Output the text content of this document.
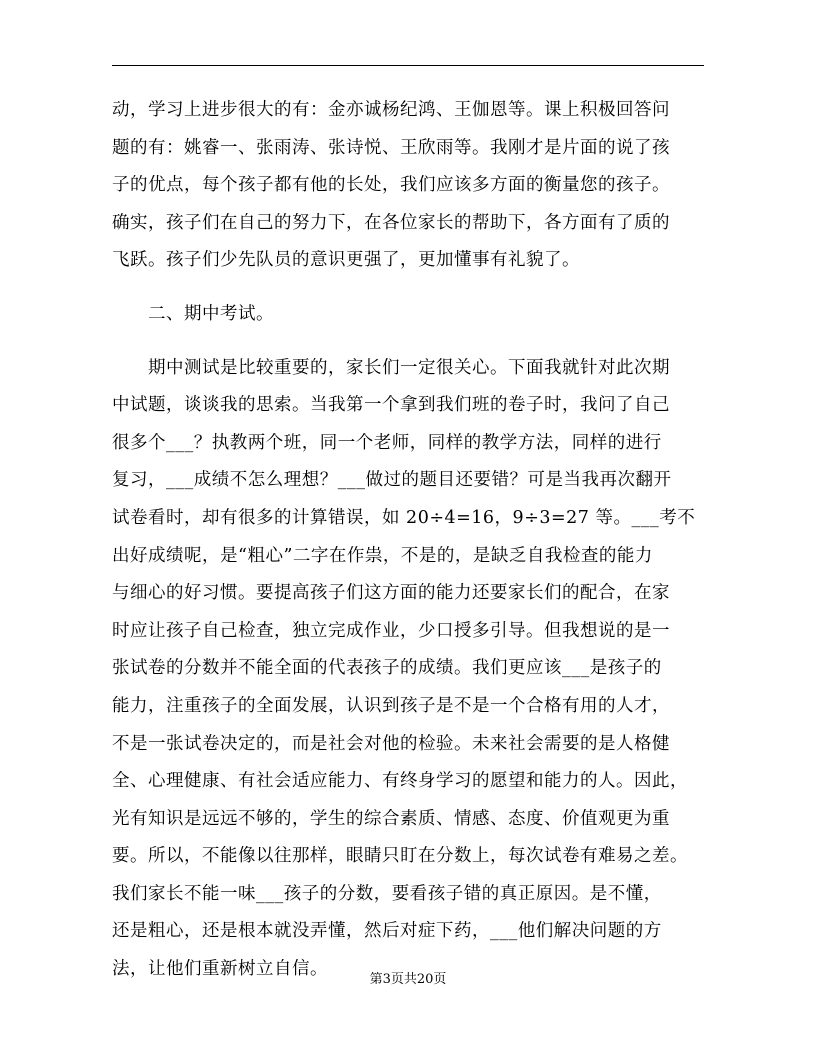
动，学习上进步很大的有：金亦诚杨纪鸿、王伽恩等。课上积极回答问
题的有：姚睿一、张雨涛、张诗悦、王欣雨等。我刚才是片面的说了孩
子的优点，每个孩子都有他的长处，我们应该多方面的衡量您的孩子。
确实，孩子们在自己的努力下，在各位家长的帮助下，各方面有了质的
飞跃。孩子们少先队员的意识更强了，更加懂事有礼貌了。
二、期中考试。
期中测试是比较重要的，家长们一定很关心。下面我就针对此次期
中试题，谈谈我的思索。当我第一个拿到我们班的卷子时，我问了自己
很多个___？执教两个班，同一个老师，同样的教学方法，同样的进行
复习，___成绩不怎么理想？___做过的题目还要错？可是当我再次翻开
试卷看时，却有很多的计算错误，如 20÷4=16，9÷3=27 等。___考不
出好成绩呢，是“粗心”二字在作祟，不是的，是缺乏自我检查的能力
与细心的好习惯。要提高孩子们这方面的能力还要家长们的配合，在家
时应让孩子自己检查，独立完成作业，少口授多引导。但我想说的是一
张试卷的分数并不能全面的代表孩子的成绩。我们更应该___是孩子的
能力，注重孩子的全面发展，认识到孩子是不是一个合格有用的人才，
不是一张试卷决定的，而是社会对他的检验。未来社会需要的是人格健
全、心理健康、有社会适应能力、有终身学习的愿望和能力的人。因此，
光有知识是远远不够的，学生的综合素质、情感、态度、价值观更为重
要。所以，不能像以往那样，眼睛只盯在分数上，每次试卷有难易之差。
我们家长不能一味___孩子的分数，要看孩子错的真正原因。是不懂，
还是粗心，还是根本就没弄懂，然后对症下药，___他们解决问题的方
法，让他们重新树立自信。
第3页共20页
